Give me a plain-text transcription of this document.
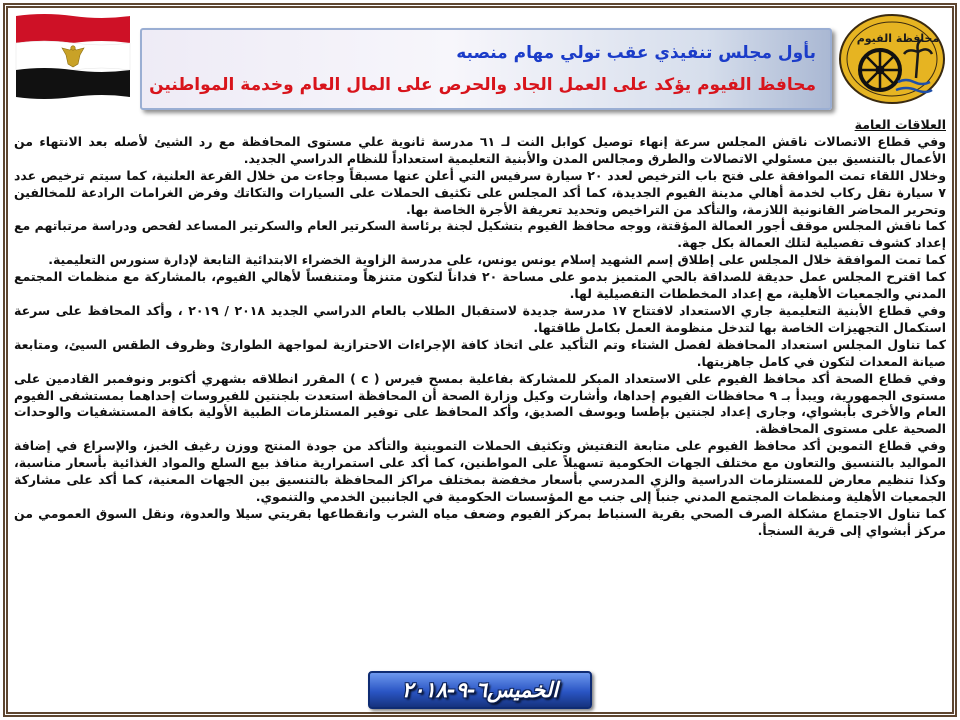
بأول مجلس تنفيذي عقب تولي مهام منصبه
محافظ الفيوم يؤكد على العمل الجاد والحرص على المال العام وخدمة المواطنين
محافظة الفيوم

العلاقات العامة

وفي قطاع الاتصالات ناقش المجلس سرعة إنهاء توصيل كوابل النت لـ ٦١ مدرسة ثانوية علي مستوى المحافظة مع رد الشيئ لأصله بعد الانتهاء من الأعمال بالتنسيق بين مسئولي الاتصالات والطرق ومجالس المدن والأبنية التعليمية استعداداً للنظام الدراسي الجديد.

وخلال اللقاء تمت الموافقة على فتح باب الترخيص لعدد ٢٠ سيارة سرفيس التي أعلن عنها مسبقاً وجاءت من خلال القرعة العلنية، كما سيتم ترخيص عدد ٧ سيارة نقل ركاب لخدمة أهالي مدينة الفيوم الجديدة، كما أكد المجلس على تكثيف الحملات على السيارات والتكاتك وفرض الغرامات الرادعة للمخالفين وتحرير المحاضر القانونية اللازمة، والتأكد من التراخيص وتحديد تعريفة الأجرة الخاصة بها.

كما ناقش المجلس موقف أجور العمالة المؤقتة، ووجه محافظ الفيوم بتشكيل لجنة برئاسة السكرتير العام والسكرتير المساعد لفحص ودراسة مرتباتهم مع إعداد كشوف تفصيلية لتلك العمالة بكل جهة.

كما تمت الموافقة خلال المجلس على إطلاق إسم الشهيد إسلام يونس يونس، على مدرسة الزاوية الخضراء الابتدائية التابعة لإدارة سنورس التعليمية.

كما اقترح المجلس عمل حديقة للصداقة بالحي المتميز بدمو على مساحة ٢٠ فداناً لتكون متنزهاً ومتنفساً لأهالي الفيوم، بالمشاركة مع منظمات المجتمع المدني والجمعيات الأهلية، مع إعداد المخططات التفصيلية لها.

وفي قطاع الأبنية التعليمية جاري الاستعداد لافتتاح ١٧ مدرسة جديدة لاستقبال الطلاب بالعام الدراسي الجديد ٢٠١٨ / ٢٠١٩ ، وأكد المحافظ على سرعة استكمال التجهيزات الخاصة بها لتدخل منظومة العمل بكامل طاقتها.

كما تناول المجلس استعداد المحافظة لفصل الشتاء وتم التأكيد على اتخاذ كافة الإجراءات الاحترازية لمواجهة الطوارئ وظروف الطقس السيئ، ومتابعة صيانة المعدات لتكون في كامل جاهزيتها.

وفي قطاع الصحة أكد محافظ الفيوم على الاستعداد المبكر للمشاركة بفاعلية بمسح فيرس ( c ) المقرر انطلاقه بشهري أكتوبر ونوفمبر القادمين على مستوى الجمهورية، ويبدأ بـ ٩ محافظات الفيوم إحداها، وأشارت وكيل وزارة الصحة أن المحافظة استعدت بلجنتين للفيروسات إحداهما بمستشفى الفيوم العام والأخرى بأبشواي، وجارى إعداد لجنتين بإطسا ويوسف الصديق، وأكد المحافظ على توفير المستلزمات الطبية الأولية بكافة المستشفيات والوحدات الصحية على مستوى المحافظة.

وفي قطاع التموين أكد محافظ الفيوم على متابعة التفتيش وتكثيف الحملات التموينية والتأكد من جودة المنتج ووزن رغيف الخبز، والإسراع في إضافة المواليد بالتنسيق والتعاون مع مختلف الجهات الحكومية تسهيلاً على المواطنين، كما أكد على استمرارية منافذ بيع السلع والمواد الغذائية بأسعار مناسبة، وكذا تنظيم معارض للمستلزمات الدراسية والزي المدرسي بأسعار مخفضة بمختلف مراكز المحافظة بالتنسيق بين الجهات المعنية، كما أكد على مشاركة الجمعيات الأهلية ومنظمات المجتمع المدني جنباً إلى جنب مع المؤسسات الحكومية في الجانبين الخدمي والتنموي.

كما تناول الاجتماع مشكلة الصرف الصحي بقرية السنباط بمركز الفيوم وضعف مياه الشرب وانقطاعها بقريتي سيلا والعدوة، ونقل السوق العمومي من مركز أبشواي إلى قرية السنجأ.

الخميس٦-٩-٢٠١٨
